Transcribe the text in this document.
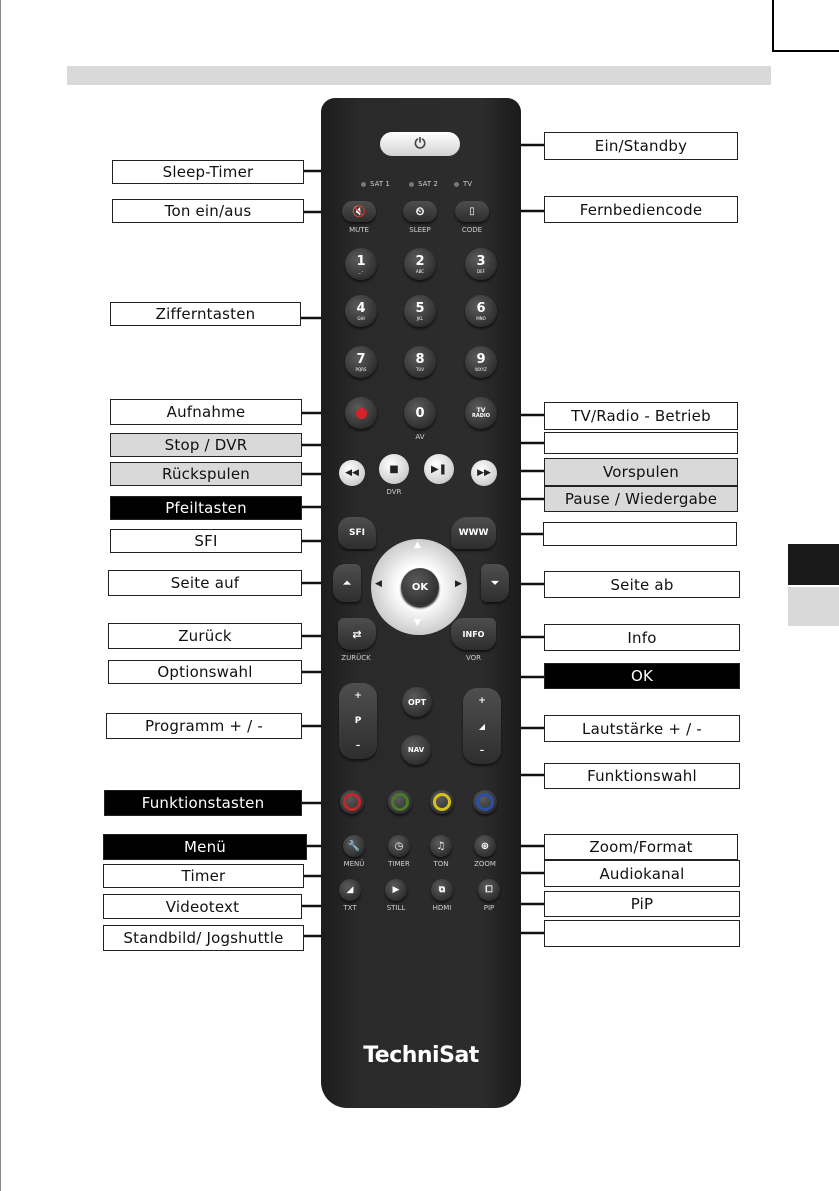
⏻
SAT 1	SAT 2	TV
🔇	⏲	▯
MUTE	SLEEP	CODE
1
_ -
2
ABC
3
DEF
4
GHI
5
JKL
6
MNO
7
PQRS
8
TUV
9
WXYZ
0
AV
TV
RADIO
◀◀	■
DVR
▶❚	▶▶
SFI	WWW
⏶	⏷
▲
▼
◀	▶
OK
⇄
ZURÜCK
INFO
VOR
OPT
+
P
–
+
◢
–
NAV
🔧	◷	♫	⊕
MENÜ	TIMER	TON	ZOOM
◢	▶	⧉	⧠
TXT	STILL	HDMI	PIP
TechniSat
Sleep-Timer
Ton ein/aus
Zifferntasten
Aufnahme
Stop / DVR
Rückspulen
Pfeiltasten
SFI
Seite auf
Zurück
Optionswahl
Programm + / -
Funktionstasten
Menü
Timer
Videotext
Standbild/ Jogshuttle
Ein/Standby
Fernbediencode
TV/Radio - Betrieb
Vorspulen
Pause / Wiedergabe
Seite ab
Info
OK
Lautstärke + / -
Funktionswahl
Zoom/Format
Audiokanal
PiP
